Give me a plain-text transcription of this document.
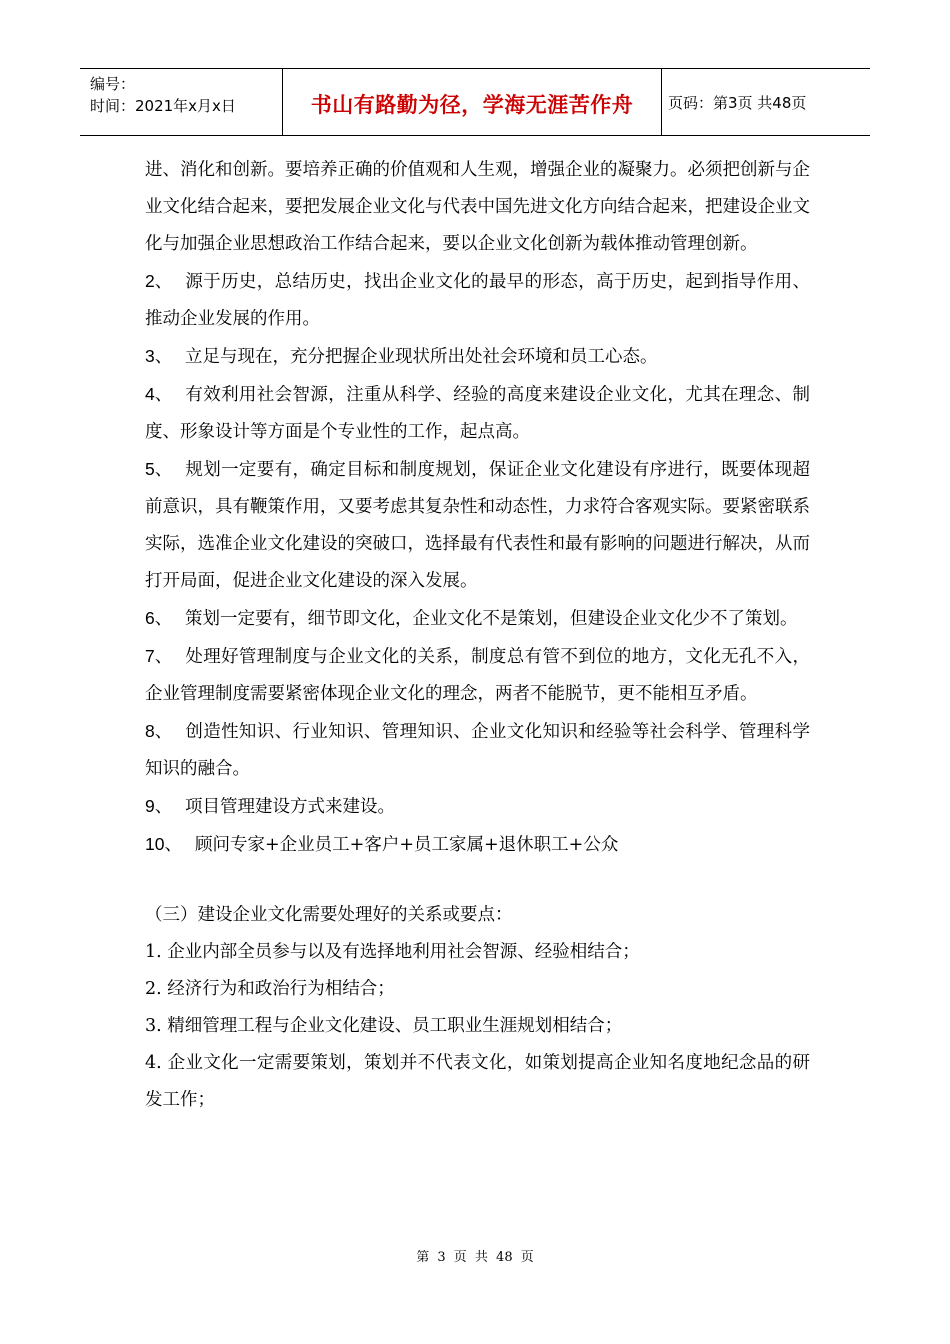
编号：
时间：2021年x月x日	书山有路勤为径，学海无涯苦作舟 页码：第3页 共48页

进、消化和创新。要培养正确的价值观和人生观，增强企业的凝聚力。必须把创新与企业文化结合起来，要把发展企业文化与代表中国先进文化方向结合起来，把建设企业文化与加强企业思想政治工作结合起来，要以企业文化创新为载体推动管理创新。

2、 源于历史，总结历史，找出企业文化的最早的形态，高于历史，起到指导作用、推动企业发展的作用。

3、 立足与现在，充分把握企业现状所出处社会环境和员工心态。

4、 有效利用社会智源，注重从科学、经验的高度来建设企业文化，尤其在理念、制度、形象设计等方面是个专业性的工作，起点高。

5、 规划一定要有，确定目标和制度规划，保证企业文化建设有序进行，既要体现超前意识，具有鞭策作用，又要考虑其复杂性和动态性，力求符合客观实际。要紧密联系实际，选准企业文化建设的突破口，选择最有代表性和最有影响的问题进行解决，从而打开局面，促进企业文化建设的深入发展。

6、 策划一定要有，细节即文化，企业文化不是策划，但建设企业文化少不了策划。

7、 处理好管理制度与企业文化的关系，制度总有管不到位的地方，文化无孔不入，企业管理制度需要紧密体现企业文化的理念，两者不能脱节，更不能相互矛盾。

8、 创造性知识、行业知识、管理知识、企业文化知识和经验等社会科学、管理科学知识的融合。

9、 项目管理建设方式来建设。

10、 顾问专家+企业员工+客户+员工家属+退休职工+公众

（三）建设企业文化需要处理好的关系或要点：

1. 企业内部全员参与以及有选择地利用社会智源、经验相结合；

2. 经济行为和政治行为相结合；

3. 精细管理工程与企业文化建设、员工职业生涯规划相结合；

4. 企业文化一定需要策划，策划并不代表文化，如策划提高企业知名度地纪念品的研发工作；

第 3 页 共 48 页
